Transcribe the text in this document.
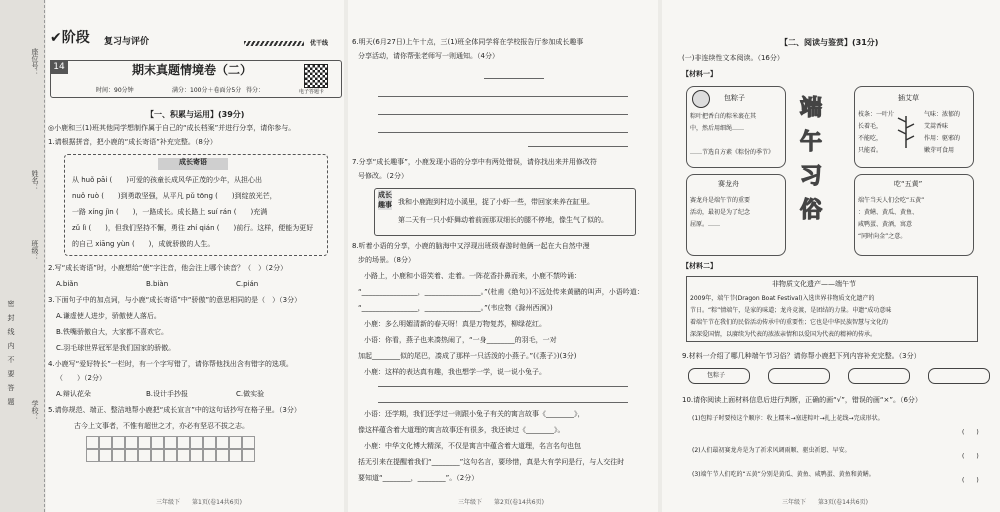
密　封　线　内　不　要　答　题
座位号：
姓名：
班级：
学校：
✔阶段 复习与评价	优干线
14	期末真题情境卷（二）
时间：90分钟	满分：100分＋卷面分5分 得分：	电子答题卡
【一、积累与运用】(39分)
◎小鹿和三(1)班其他同学想制作属于自己的“成长档案”并进行分享，请你参与。
1.请根据拼音，把小鹿的“成长寄语”补充完整。（8分）
成长寄语
从 huǒ pāi (　　)可爱的孩童长成风华正茂的少年，从担心出
nuǒ ruò (　　)到勇敢坚强，从平凡 pǔ tōng (　　)到绽放光芒，
一路 xíng jìn (　　)，一路成长。成长路上 suí rán (　　)充满
zǔ lì (　　)，但我们坚持不懈，勇往 zhí qián (　　)前行。这样，便能为更好
的自己 xiāng yùn (　　)，成就骄傲的人生。
2.写“成长寄语”时，小鹿想给“使”字注音，他会注上哪个读音？（　）（2分）
A.biǎn	B.biàn	C.pián
3.下面句子中的加点词，与小鹿“成长寄语”中“骄傲”的意思相同的是（　）（3分）
A.谦虚使人进步，骄傲使人落后。
B.铁嘴骄傲自大，大家都不喜欢它。
C.羽毛球世界冠军是我们国家的骄傲。
4.小鹿写“爱好特长”一栏时，有一个字写错了，请你帮他找出含有错字的选项。
（　　）（2分）
A.辩认花朵	B.设计手抄报	C.做实验
5.请你规范、端正、整洁地帮小鹿把“成长宣言”中的这句话抄写在格子里。（3分）
古今上文事者，不惟有超世之才，亦必有坚忍不拔之志。
三年级下　　第1页(卷14共6页)
6.明天(6月27日)上午十点，三(1)班全体同学将在学校报告厅参加成长趣事
分享活动，请你帮张老师写一则通知。（4分）
7.分享“成长趣事”，小鹿发现小语的分享中有两处错误，请你找出来并用修改符
号修改。（2分）
成长趣事 我和小鹿跑到村边小溪里，捉了小虾一些，带回家来养在缸里。
第二天有一只小虾舞动着前面那双细长的腿不停地，像生气了似的。
8.听着小语的分享，小鹿的脑海中又浮现出班级春游时他俩一起在大自然中漫
步的场景。（8分）
小路上，小鹿和小语笑着、走着。一阵花香扑鼻而来，小鹿不禁吟诵：
“________________，________________。”(杜甫《绝句》)不远处传来黄鹂的叫声，小语吟道：
“________________，________________。”(韦应物《滁州西涧》)
小鹿：多么明媚清新的春天呀！真是万物复苏，柳绿花红。
小语：你看，燕子也来凑热闹了，“一身________的羽毛，一对
加起________似的尾巴，凑成了那样一只活泼的小燕子。”(《燕子》)(3分)
小鹿：这样的表达真有趣，我也想学一学，说一说小兔子。
小语：还学期，我们还学过一则跟小兔子有关的寓言故事《________》，
像这样蕴含着大道理的寓言故事还有很多，我还读过《________》。
小鹿：中华文化博大精深，不仅是寓言中蕴含着大道理，名言名句也包
括无引来在提醒着我们“________”这句名言，要珍惜，真是大有学问是行，与人交往时
要知道“________，________”。（2分）
三年级下　　第2页(卷14共6页)
【二、阅读与鉴赏】(31分)
(一)非连续性文本阅读。（16分）
【材料一】
包粽子
粽叶把香白的粽米裹在其
中，然后用细绳……
……节选自方素《粽份的季节》
插艾草
枝条：一叶片
长着毛，
不能吃，
只能看。
气味：浓郁的
艾蒿香味
作用：驱邪的
嫩芽可食用
端
午
习
俗
赛龙舟
赛龙舟是端午节的重要
活动，最初是为了纪念
屈原。……
吃“五黄”
端午当天人们会吃“五黄”
：黄鳝、黄瓜、黄鱼、
咸鸭蛋、黄酒，寓意
“同时向金”之意。
【材料二】
非物质文化遗产——端午节
2009年，端午节(Dragon Boat Festival)入选世界非物质文化遗产的
节日。“粽”情端午，是家的味道；龙舟竞渡，是团结的力量。申遗“成功意味
着端午节在我们的民俗活动传承中的重要性；它也是中华民族智慧与文化的
深深爱国情，以赓续为代表的浓浓亲情和以爱国为代表的精神的传承。
9.材料一介绍了哪几种端午节习俗？请你帮小鹿把下列内容补充完整。（3分）
包粽子
10.请你阅读上面材料信息后进行判断，正确的画“√”，错误的画“×”。（6分）
(1)包粽子时要按这个顺序：收上糯米→塞进粽叶→扎上花线→完成形状。
(　　)
(2)人们最初赛龙舟是为了祈求风调雨顺、驱虫祈愿、早安。
(　　)
(3)端午节人们吃的“五黄”分别是黄瓜、黄鱼、咸鸭蛋、黄鱼和黄鳝。
(　　)
三年级下　　第3页(卷14共6页)
